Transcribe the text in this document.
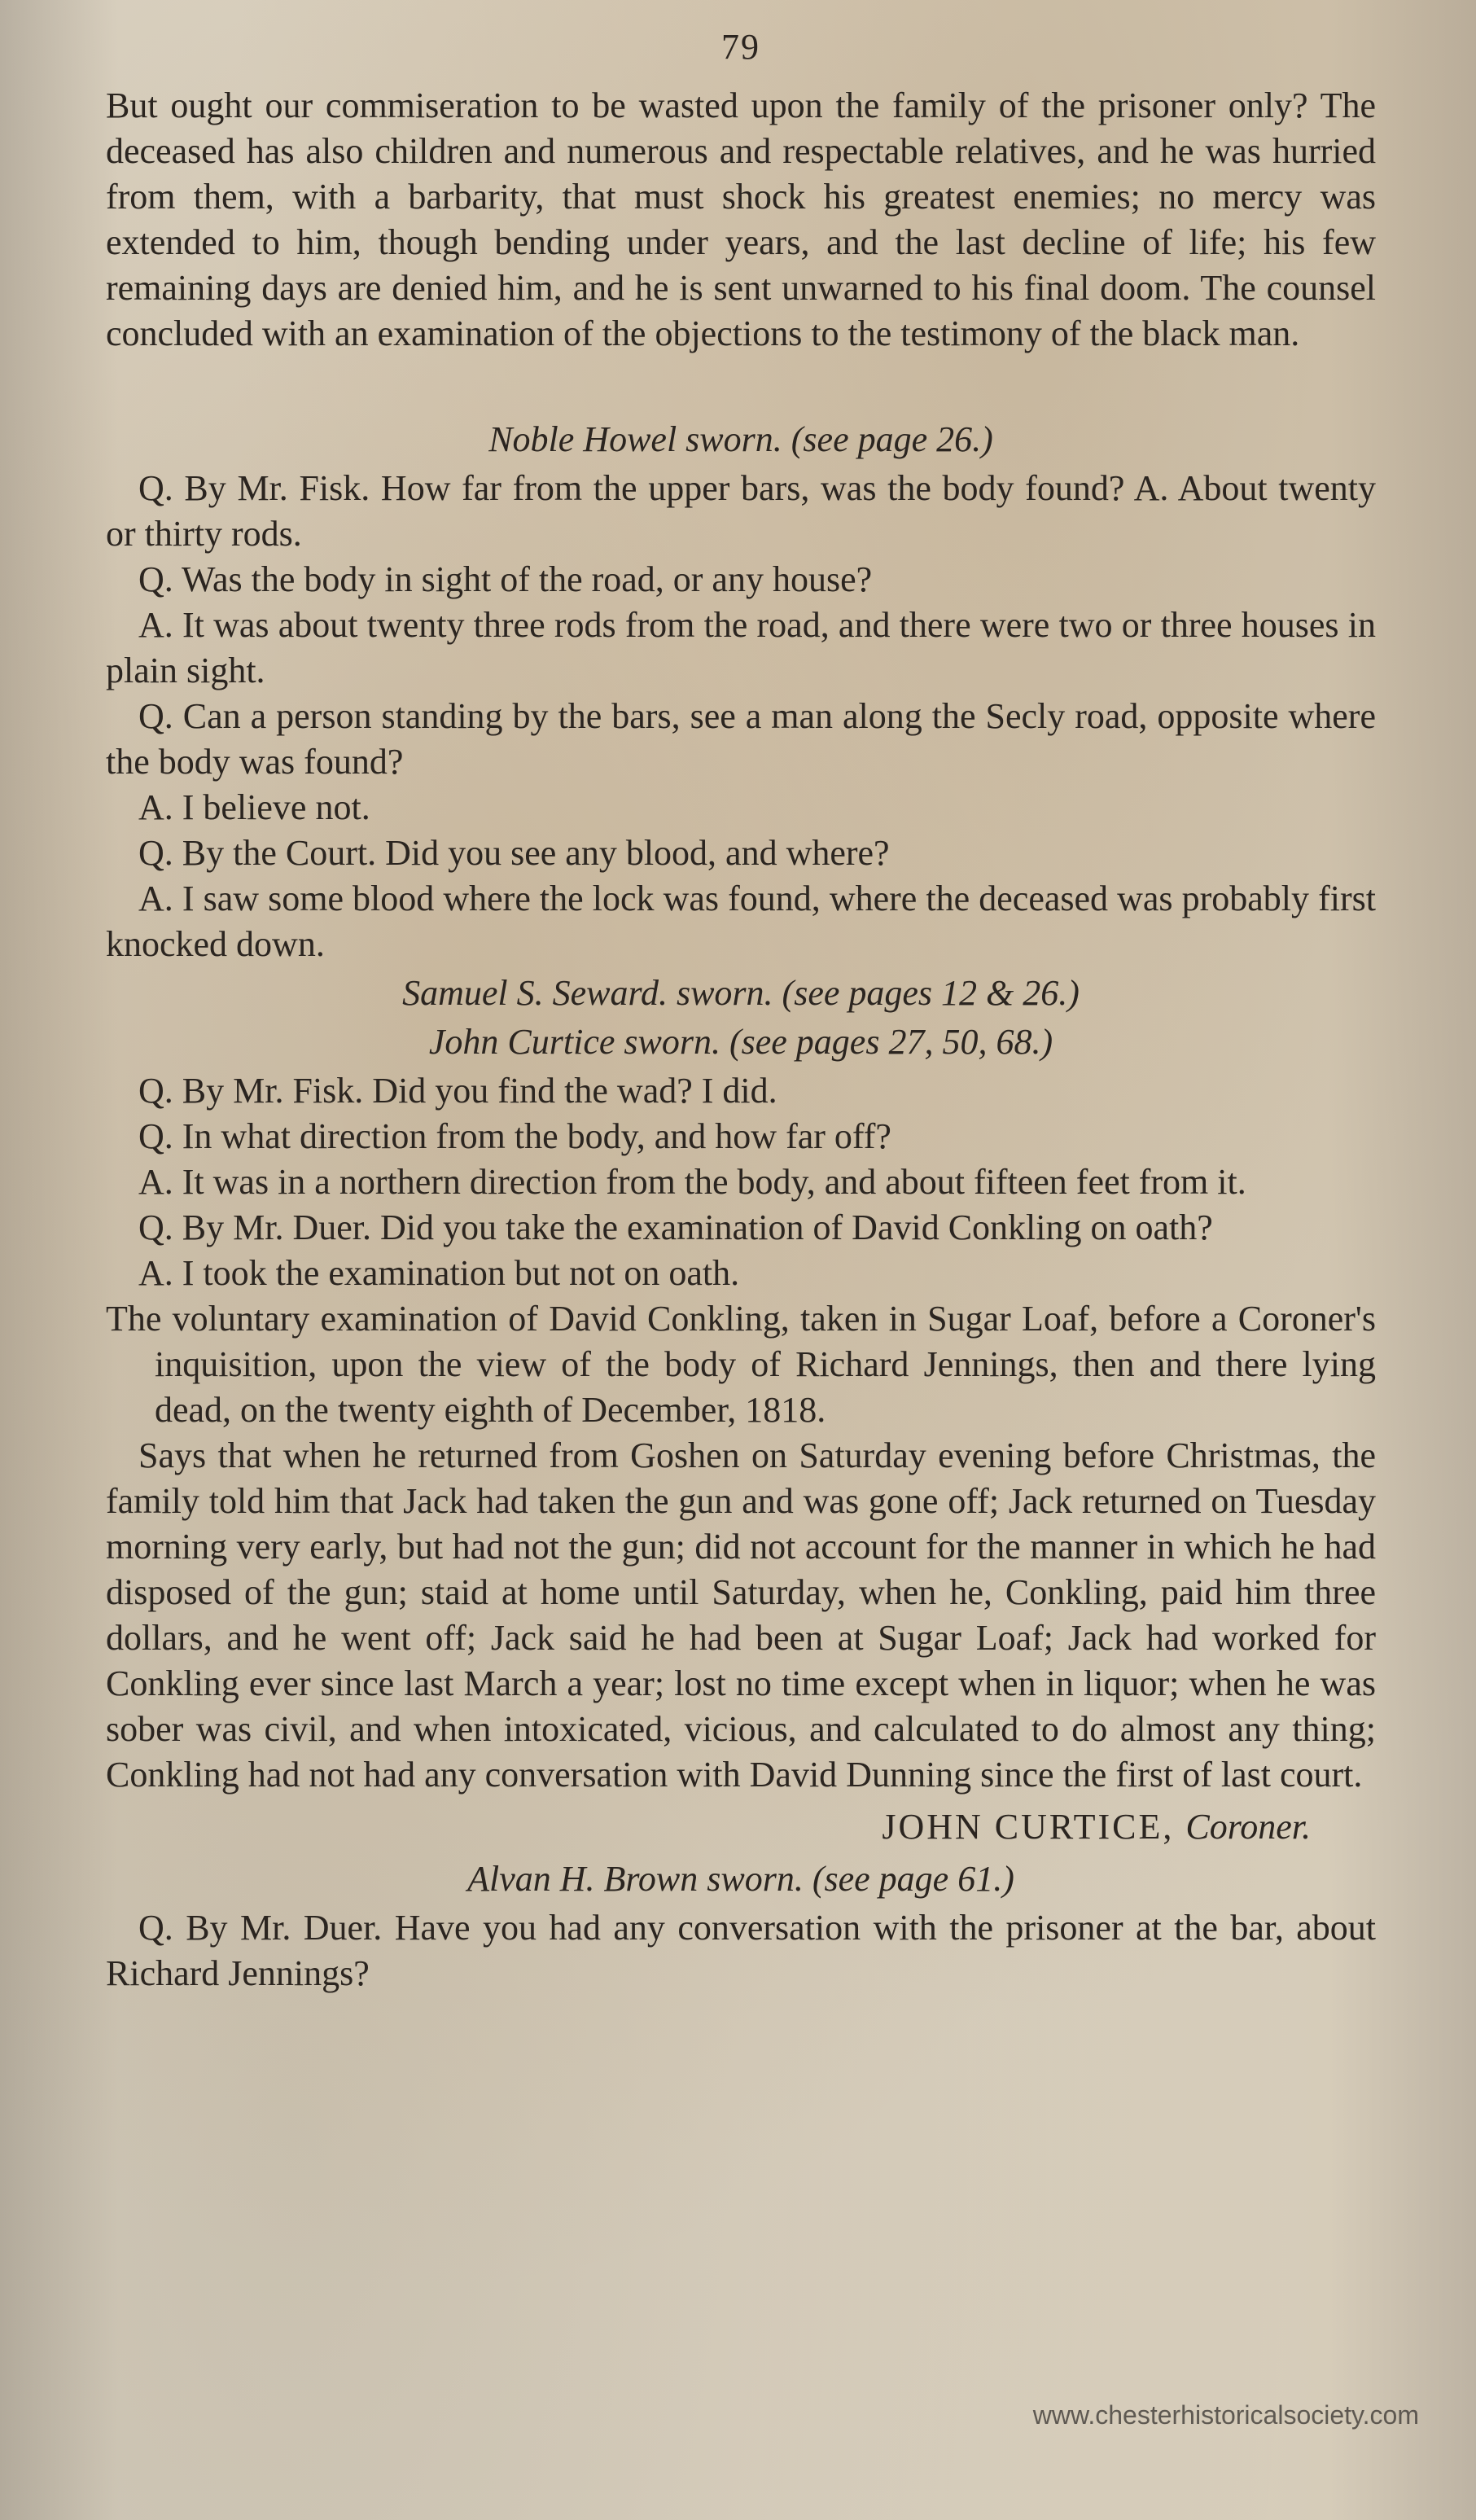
79

But ought our commiseration to be wasted upon the family of the prisoner only? The deceased has also children and numerous and respectable relatives, and he was hurried from them, with a barbarity, that must shock his greatest enemies; no mercy was extended to him, though bending under years, and the last decline of life; his few remaining days are denied him, and he is sent unwarned to his final doom. The counsel concluded with an examination of the objections to the testimony of the black man.

Noble Howel sworn. (see page 26.)

Q. By Mr. Fisk. How far from the upper bars, was the body found? A. About twenty or thirty rods.

Q. Was the body in sight of the road, or any house?

A. It was about twenty three rods from the road, and there were two or three houses in plain sight.

Q. Can a person standing by the bars, see a man along the Secly road, opposite where the body was found?

A. I believe not.

Q. By the Court. Did you see any blood, and where?

A. I saw some blood where the lock was found, where the deceased was probably first knocked down.

Samuel S. Seward. sworn. (see pages 12 & 26.)
John Curtice sworn. (see pages 27, 50, 68.)

Q. By Mr. Fisk. Did you find the wad? I did.

Q. In what direction from the body, and how far off?

A. It was in a northern direction from the body, and about fifteen feet from it.

Q. By Mr. Duer. Did you take the examination of David Conkling on oath?

A. I took the examination but not on oath.

The voluntary examination of David Conkling, taken in Sugar Loaf, before a Coroner's inquisition, upon the view of the body of Richard Jennings, then and there lying dead, on the twenty eighth of December, 1818.

Says that when he returned from Goshen on Saturday evening before Christmas, the family told him that Jack had taken the gun and was gone off; Jack returned on Tuesday morning very early, but had not the gun; did not account for the manner in which he had disposed of the gun; staid at home until Saturday, when he, Conkling, paid him three dollars, and he went off; Jack said he had been at Sugar Loaf; Jack had worked for Conkling ever since last March a year; lost no time except when in liquor; when he was sober was civil, and when intoxicated, vicious, and calculated to do almost any thing; Conkling had not had any conversation with David Dunning since the first of last court.

JOHN CURTICE, Coroner.
Alvan H. Brown sworn. (see page 61.)

Q. By Mr. Duer. Have you had any conversation with the prisoner at the bar, about Richard Jennings?

www.chesterhistoricalsociety.com
